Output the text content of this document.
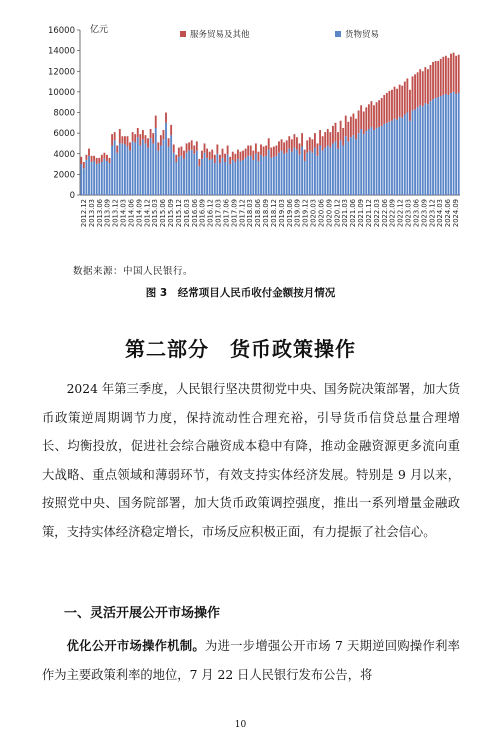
0
2000
4000
6000
8000
10000
12000
14000
16000 亿元
2012.12 2013.03 2013.06 2013.09 2013.12 2014.03 2014.06 2014.09 2014.12 2015.03 2015.06 2015.09 2015.12 2016.03 2016.06 2016.09 2016.12 2017.03 2017.06 2017.09 2017.12 2018.03 2018.06 2018.09 2018.12 2019.03 2019.06 2019.09 2019.12 2020.03 2020.06 2020.09 2020.12 2021.03 2021.06 2021.09 2021.12 2022.03 2022.06 2022.09 2022.12 2023.03 2023.06 2023.09 2023.12 2024.03 2024.06 2024.09
服务贸易及其他	货物贸易
数据来源：中国人民银行。
图 3　经常项目人民币收付金额按月情况
第二部分　货币政策操作
2024 年第三季度，人民银行坚决贯彻党中央、国务院决策部署，加大货币政策逆周期调节力度，保持流动性合理充裕，引导货币信贷总量合理增长、均衡投放，促进社会综合融资成本稳中有降，推动金融资源更多流向重大战略、重点领域和薄弱环节，有效支持实体经济发展。特别是 9 月以来，按照党中央、国务院部署，加大货币政策调控强度，推出一系列增量金融政策，支持实体经济稳定增长，市场反应积极正面，有力提振了社会信心。
一、灵活开展公开市场操作
优化公开市场操作机制。为进一步增强公开市场 7 天期逆回购操作利率作为主要政策利率的地位，7 月 22 日人民银行发布公告，将
10
